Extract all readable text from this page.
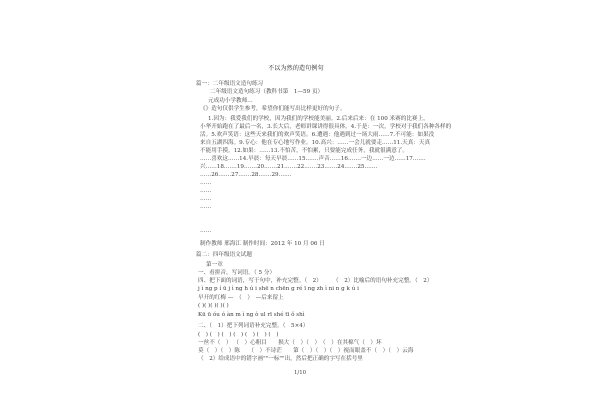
不以为然的造句例句
篇一：二年级语文造句练习
二年级语文造句练习（教科书第　1—59 页）
元成功小学教师…
《》造句仅供学生参考，希望你们能写出比样更好的句子。
1.因为：我爱我们的学校，因为我们的学校能美丽。2.后来后来：在 100 米赛的比赛上，
小华开始跑在了最后一名，3.长大后，老师讲课讲得很具体。4.于是：一次，学校对于我们各种各样的
活。5.欢声笑语：这些天来我们的欢声笑语。6.遭遇：他遇到过一场大雨……7.不可能：如果没
来自五湖四海。9.专心：他在专心地写作业。10.高兴：……一会儿就要走……11.天真：天真
不能用手摸。12.如果：……13.不怕苦，不怕累，只要能完成任务，我就很满意了。
……喜欢这……14.早晨：每天早晨……15.……声音……16.……一边……一边……17.……
兴……18.……19.……20.……21.……22.……23.……24.……25.……
……26.……27.……28.……29.……
……
……
……
……
……
制作教师 邢海江 制作时间：2012 年 10 月 06 日
篇二：四年级语文试题
第一章
一、看拼音，写词语。（ 5 分）
四、把下面的词语，写于句中，补充完整。（　2）　　　（　2）比喻后的语句补充完整。（　2）
j ì ng p í ū j ì ng h ú i shē n chēn g ré ī ng zh ì ni n g k ú i
早开的红梅 —　（　）　—后来留上
( )( )( )( )( )
Kū ū óu ó àn m ì ng ò ul rī shé tī ǒ shì
二、（　1）把下列词语补充完整。（　5×4）
(　) (　) (　) (　) (　) (　) (　)
一丝不（　） （　）心粗目　　损大（　）（　）　（　）在其棉气（　）坏
莫（　）（　）陈　　（　）不诗茫　　第（　）（　）（　）视而眼盖不（　）（　）云海
（　2）给成语中的错字画""一标""出，然后把正确的字写在括号里
1/10
